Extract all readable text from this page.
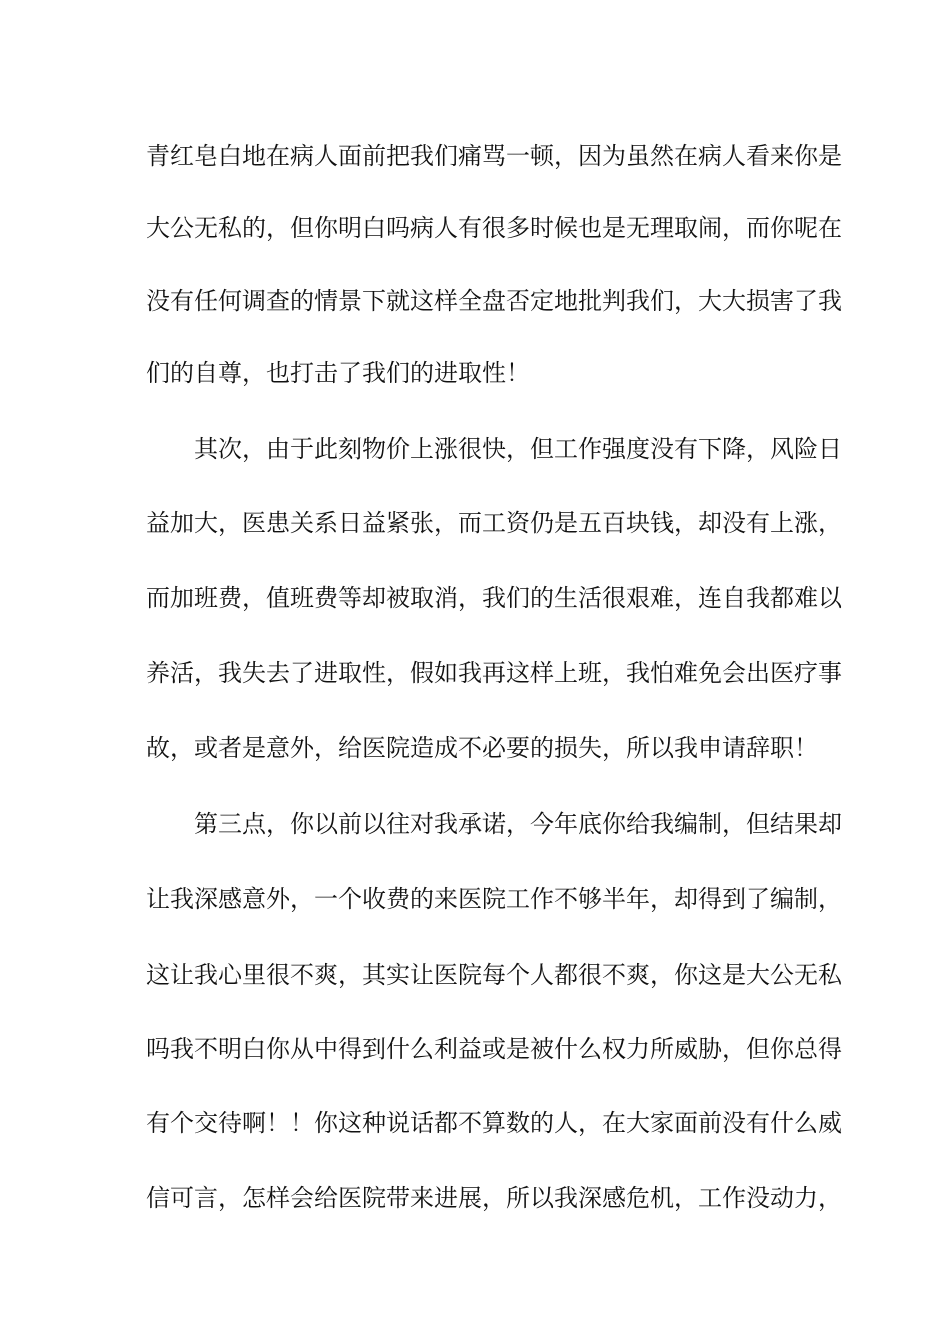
青红皂白地在病人面前把我们痛骂一顿，因为虽然在病人看来你是
大公无私的，但你明白吗病人有很多时候也是无理取闹，而你呢在
没有任何调查的情景下就这样全盘否定地批判我们，大大损害了我
们的自尊，也打击了我们的进取性！
其次，由于此刻物价上涨很快，但工作强度没有下降，风险日
益加大，医患关系日益紧张，而工资仍是五百块钱，却没有上涨，
而加班费，值班费等却被取消，我们的生活很艰难，连自我都难以
养活，我失去了进取性，假如我再这样上班，我怕难免会出医疗事
故，或者是意外，给医院造成不必要的损失，所以我申请辞职！
第三点，你以前以往对我承诺，今年底你给我编制，但结果却
让我深感意外，一个收费的来医院工作不够半年，却得到了编制，
这让我心里很不爽，其实让医院每个人都很不爽，你这是大公无私
吗我不明白你从中得到什么利益或是被什么权力所威胁，但你总得
有个交待啊！！你这种说话都不算数的人，在大家面前没有什么威
信可言，怎样会给医院带来进展，所以我深感危机，工作没动力，
